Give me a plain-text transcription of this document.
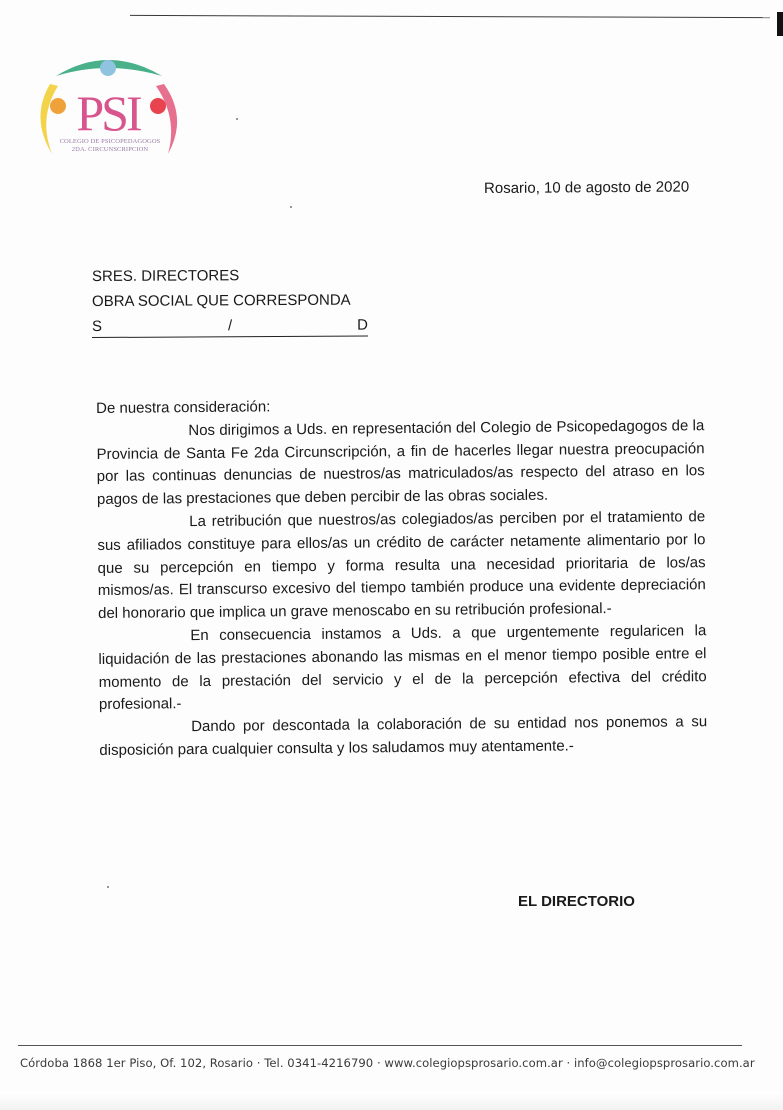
PSI
COLEGIO DE PSICOPEDAGOGOS
2DA. CIRCUNSCRIPCION
Rosario, 10 de agosto de 2020
SRES. DIRECTORES
OBRA SOCIAL QUE CORRESPONDA
S	/	D

De nuestra consideración:

Nos dirigimos a Uds. en representación del Colegio de Psicopedagogos de la Provincia de Santa Fe 2da Circunscripción, a fin de hacerles llegar nuestra preocupación por las continuas denuncias de nuestros/as matriculados/as respecto del atraso en los pagos de las prestaciones que deben percibir de las obras sociales.

La retribución que nuestros/as colegiados/as perciben por el tratamiento de sus afiliados constituye para ellos/as un crédito de carácter netamente alimentario por lo que su percepción en tiempo y forma resulta una necesidad prioritaria de los/as mismos/as. El transcurso excesivo del tiempo también produce una evidente depreciación del honorario que implica un grave menoscabo en su retribución profesional.-

En consecuencia instamos a Uds. a que urgentemente regularicen la liquidación de las prestaciones abonando las mismas en el menor tiempo posible entre el momento de la prestación del servicio y el de la percepción efectiva del crédito profesional.-

Dando por descontada la colaboración de su entidad nos ponemos a su disposición para cualquier consulta y los saludamos muy atentamente.-

EL DIRECTORIO
Córdoba 1868 1er Piso, Of. 102, Rosario · Tel. 0341-4216790 · www.colegiopsprosario.com.ar · info@colegiopsprosario.com.ar
